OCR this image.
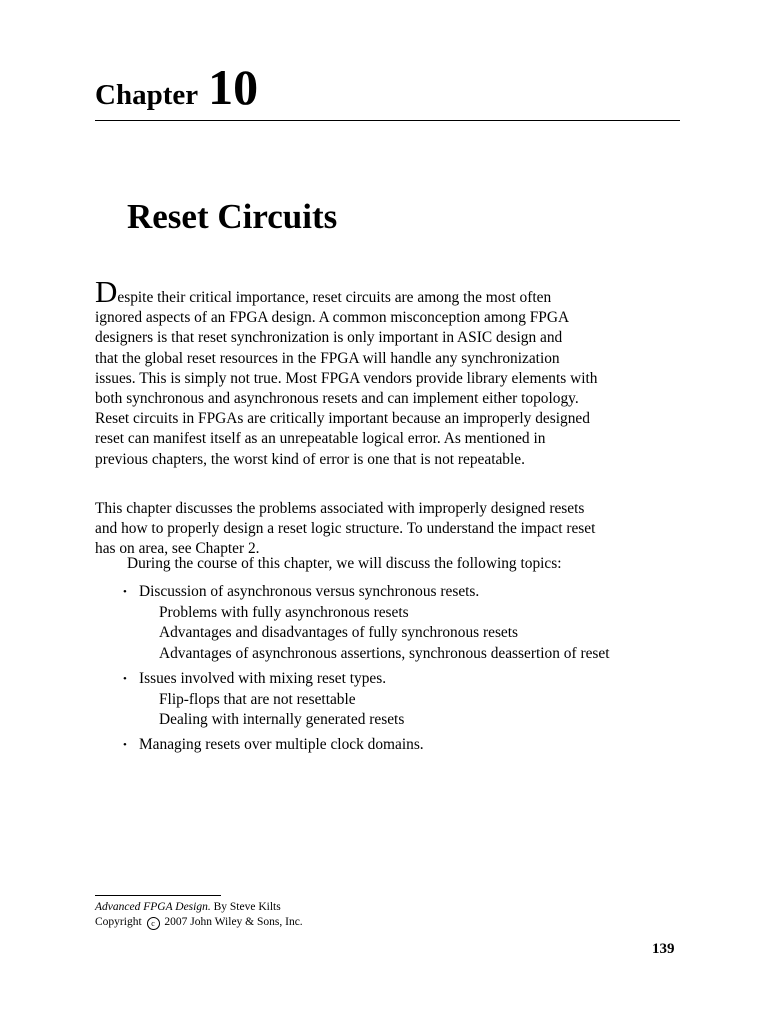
Chapter 10
Reset Circuits
Despite their critical importance, reset circuits are among the most often
ignored aspects of an FPGA design. A common misconception among FPGA
designers is that reset synchronization is only important in ASIC design and
that the global reset resources in the FPGA will handle any synchronization
issues. This is simply not true. Most FPGA vendors provide library elements with
both synchronous and asynchronous resets and can implement either topology.
Reset circuits in FPGAs are critically important because an improperly designed
reset can manifest itself as an unrepeatable logical error. As mentioned in
previous chapters, the worst kind of error is one that is not repeatable.
This chapter discusses the problems associated with improperly designed resets
and how to properly design a reset logic structure. To understand the impact reset
has on area, see Chapter 2.
During the course of this chapter, we will discuss the following topics:
• Discussion of asynchronous versus synchronous resets.
Problems with fully asynchronous resets
Advantages and disadvantages of fully synchronous resets
Advantages of asynchronous assertions, synchronous deassertion of reset
• Issues involved with mixing reset types.
Flip-flops that are not resettable
Dealing with internally generated resets
• Managing resets over multiple clock domains.
Advanced FPGA Design. By Steve Kilts
Copyright c 2007 John Wiley & Sons, Inc.
139
